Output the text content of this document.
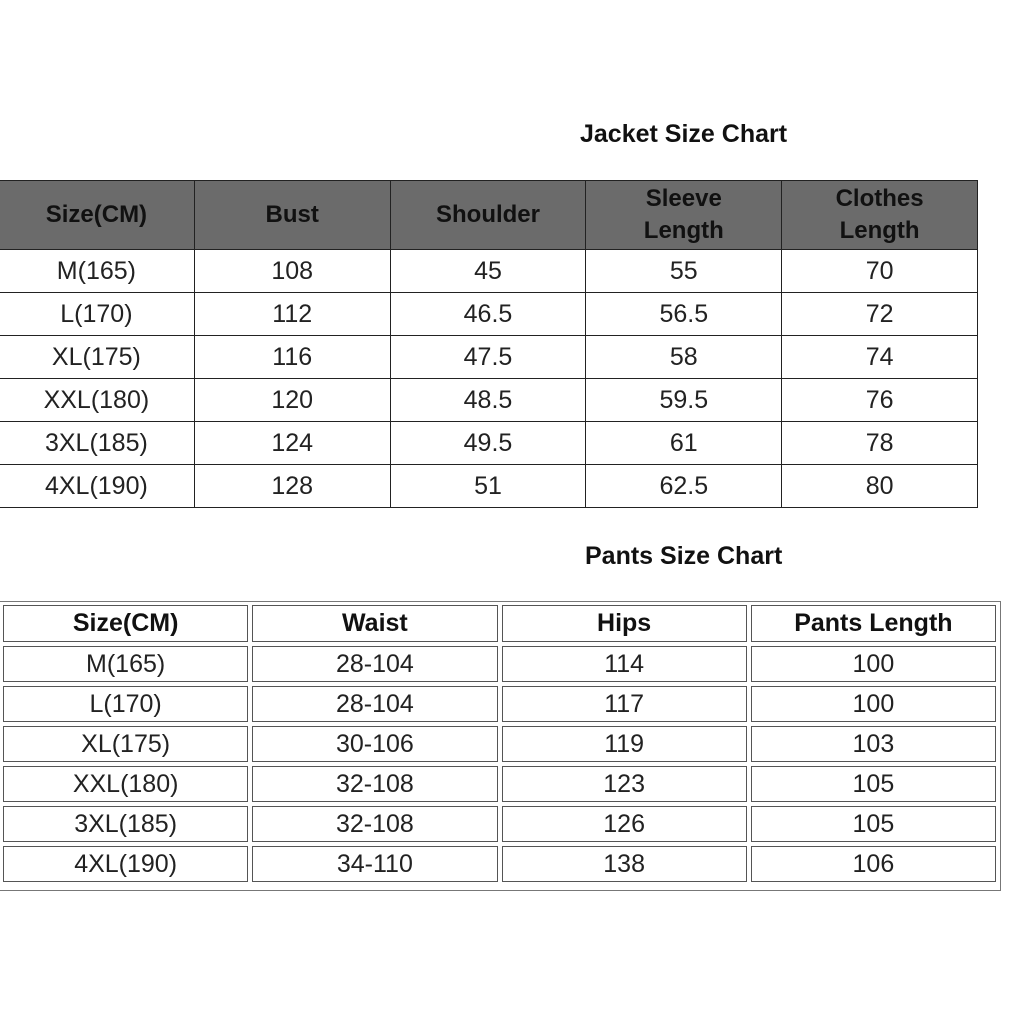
Jacket Size Chart
Size(CM)	Bust	Shoulder	Sleeve Length	Clothes Length
M(165)	108	45	55	70
L(170)	112	46.5	56.5	72
XL(175)	116	47.5	58	74
XXL(180)	120	48.5	59.5	76
3XL(185)	124	49.5	61	78
4XL(190)	128	51	62.5	80
Pants Size Chart
Size(CM)	Waist	Hips	Pants Length
M(165)	28-104	114	100
L(170)	28-104	117	100
XL(175)	30-106	119	103
XXL(180)	32-108	123	105
3XL(185)	32-108	126	105
4XL(190)	34-110	138	106
